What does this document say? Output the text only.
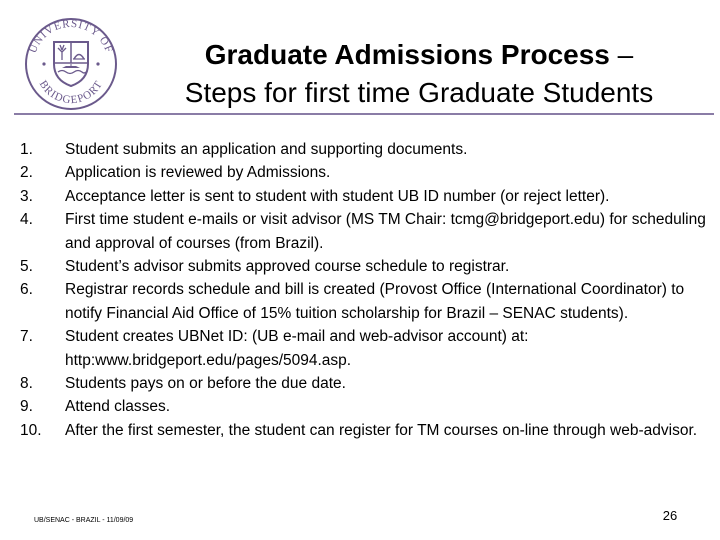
UNIVERSITY OF
BRIDGEPORT
Graduate Admissions Process –
Steps for first time Graduate Students
1.	Student submits an application and supporting documents.
2.	Application is reviewed by Admissions.
3.	Acceptance letter is sent to student with student UB ID number (or reject letter).
4.	First time student e-mails or visit advisor (MS TM Chair: tcmg@bridgeport.edu) for scheduling and approval of courses (from Brazil).
5.	Student’s advisor submits approved course schedule to registrar.
6.	Registrar records schedule and bill is created (Provost Office (International Coordinator) to notify Financial Aid Office of 15% tuition scholarship for Brazil – SENAC students).
7.	Student creates UBNet ID: (UB e-mail and web-advisor account) at: http:www.bridgeport.edu/pages/5094.asp.
8.	Students pays on or before the due date.
9.	Attend classes.
10.	After the first semester, the student can register for TM courses on-line through web-advisor.
UB/SENAC - BRAZIL - 11/09/09	26
